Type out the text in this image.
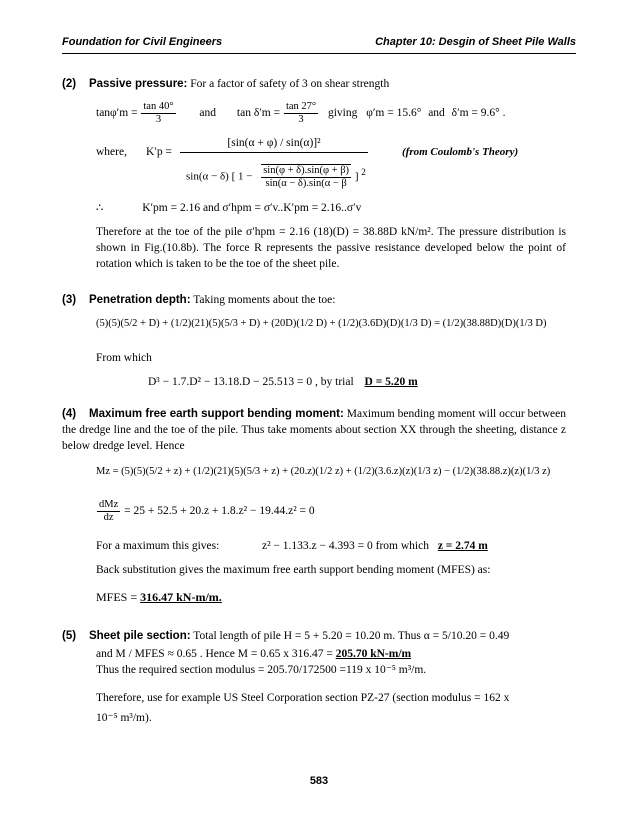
Foundation for Civil Engineers	Chapter 10: Desgin of Sheet Pile Walls
(2) Passive pressure: For a factor of safety of 3 on shear strength
$\tan\varphi'm = \frac{\tan 40^\circ}{3}$ and $\tan \delta'm = \frac{\tan 27^\circ}{3}$ giving φ′m = 15.6° and δ′m = 9.6° .
where, K′p =
[sin(α + φ) / sin(α)]²
sin(α − δ) [ $1 - \frac{\sin(\varphi + \delta).\sin(\varphi + \beta)}{\sin(\alpha - \delta).\sin(\alpha - \beta}$ ] $^2$
(from Coulomb's Theory)
∴	K′pm = 2.16 and σ′hpm = σ′v..K′pm = 2.16..σ′v
Therefore at the toe of the pile σ′hpm = 2.16 (18)(D) = 38.88D kN/m². The pressure distribution is shown in Fig.(10.8b). The force R represents the passive resistance developed below the point of rotation which is taken to be the toe of the sheet pile.
(3) Penetration depth: Taking moments about the toe:
(5)(5)(5/2 + D) + (1/2)(21)(5)(5/3 + D) + (20D)(1/2 D) + (1/2)(3.6D)(D)(1/3 D) = (1/2)(38.88D)(D)(1/3 D)
From which
D³ − 1.7.D² − 13.18.D − 25.513 = 0 , by trial D = 5.20 m
(4) Maximum free earth support bending moment: Maximum bending moment will occur between the dredge line and the toe of the pile. Thus take moments about section XX through the sheeting, distance z below dredge level. Hence
Mz = (5)(5)(5/2 + z) + (1/2)(21)(5)(5/3 + z) + (20.z)(1/2 z) + (1/2)(3.6.z)(z)(1/3 z) − (1/2)(38.88.z)(z)(1/3 z)
$\frac{\text{dMz}}{dz} = 25 + 52.5 + 20.z + 1.8.z^2 - 19.44.z^2 = 0$
For a maximum this gives:	z² − 1.133.z − 4.393 = 0 from which z = 2.74 m
Back substitution gives the maximum free earth support bending moment (MFES) as:
MFES = 316.47 kN-m/m.
(5) Sheet pile section: Total length of pile H = 5 + 5.20 = 10.20 m. Thus α = 5/10.20 = 0.49
and M / MFES ≈ 0.65 . Hence M = 0.65 x 316.47 = 205.70 kN-m/m
Thus the required section modulus = 205.70/172500 =119 x 10⁻⁵ m³/m.
Therefore, use for example US Steel Corporation section PZ-27 (section modulus = 162 x
10⁻⁵ m³/m).
583
